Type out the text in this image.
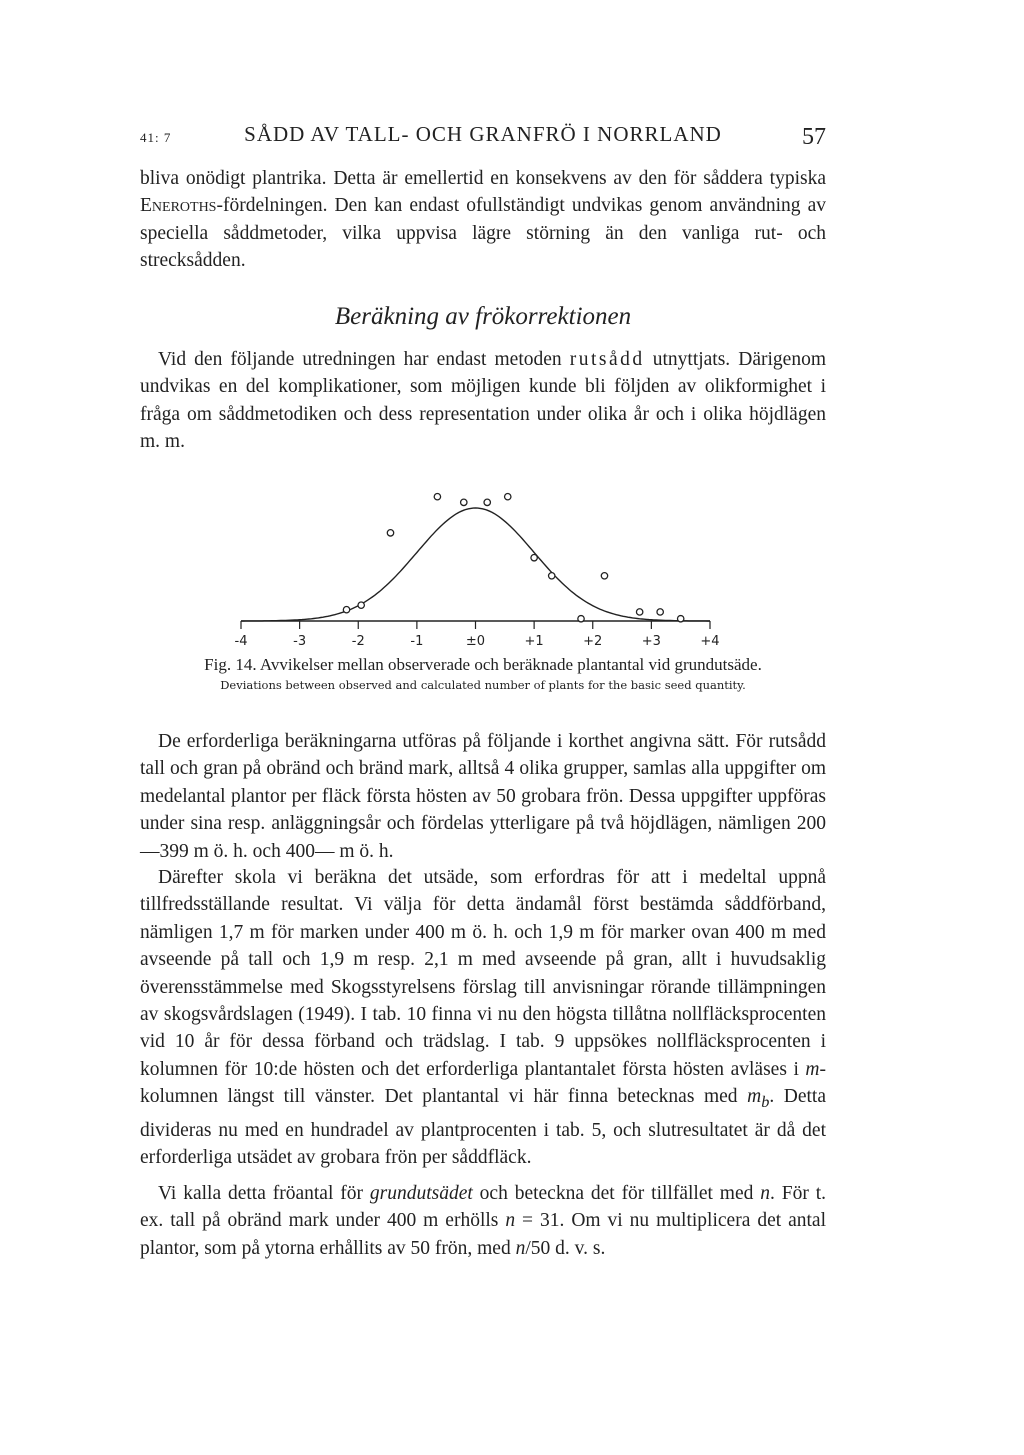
41: 7	SÅDD AV TALL- OCH GRANFRÖ I NORRLAND	57

bliva onödigt plantrika. Detta är emellertid en konsekvens av den för såddera typiska Eneroths-fördelningen. Den kan endast ofullständigt undvikas genom användning av speciella såddmetoder, vilka uppvisa lägre störning än den vanliga rut- och strecksådden.

Beräkning av frökorrektionen

Vid den följande utredningen har endast metoden rutsådd utnyttjats. Därigenom undvikas en del komplikationer, som möjligen kunde bli följden av olikformighet i fråga om såddmetodiken och dess representation under olika år och i olika höjdlägen m. m.

-4	-3	-2	-1	±0	+1	+2	+3	+4
Fig. 14. Avvikelser mellan observerade och beräknade plantantal vid grundutsäde.
Deviations between observed and calculated number of plants for the basic seed quantity.

De erforderliga beräkningarna utföras på följande i korthet angivna sätt. För rutsådd tall och gran på obränd och bränd mark, alltså 4 olika grupper, samlas alla uppgifter om medelantal plantor per fläck första hösten av 50 grobara frön. Dessa uppgifter uppföras under sina resp. anläggningsår och fördelas ytterligare på två höjdlägen, nämligen 200—399 m ö. h. och 400— m ö. h.

Därefter skola vi beräkna det utsäde, som erfordras för att i medeltal uppnå tillfredsställande resultat. Vi välja för detta ändamål först bestämda såddförband, nämligen 1,7 m för marken under 400 m ö. h. och 1,9 m för marker ovan 400 m med avseende på tall och 1,9 m resp. 2,1 m med avseende på gran, allt i huvudsaklig överensstämmelse med Skogsstyrelsens förslag till anvisningar rörande tillämpningen av skogsvårdslagen (1949). I tab. 10 finna vi nu den högsta tillåtna nollfläcksprocenten vid 10 år för dessa förband och trädslag. I tab. 9 uppsökes nollfläcksprocenten i kolumnen för 10:de hösten och det erforderliga plantantalet första hösten avläses i m-kolumnen längst till vänster. Det plantantal vi här finna betecknas med $m_b$. Detta divideras nu med en hundradel av plantprocenten i tab. 5, och slutresultatet är då det erforderliga utsädet av grobara frön per såddfläck.

Vi kalla detta fröantal för grundutsädet och beteckna det för tillfället med n. För t. ex. tall på obränd mark under 400 m erhölls n = 31. Om vi nu multiplicera det antal plantor, som på ytorna erhållits av 50 frön, med n/50 d. v. s.
